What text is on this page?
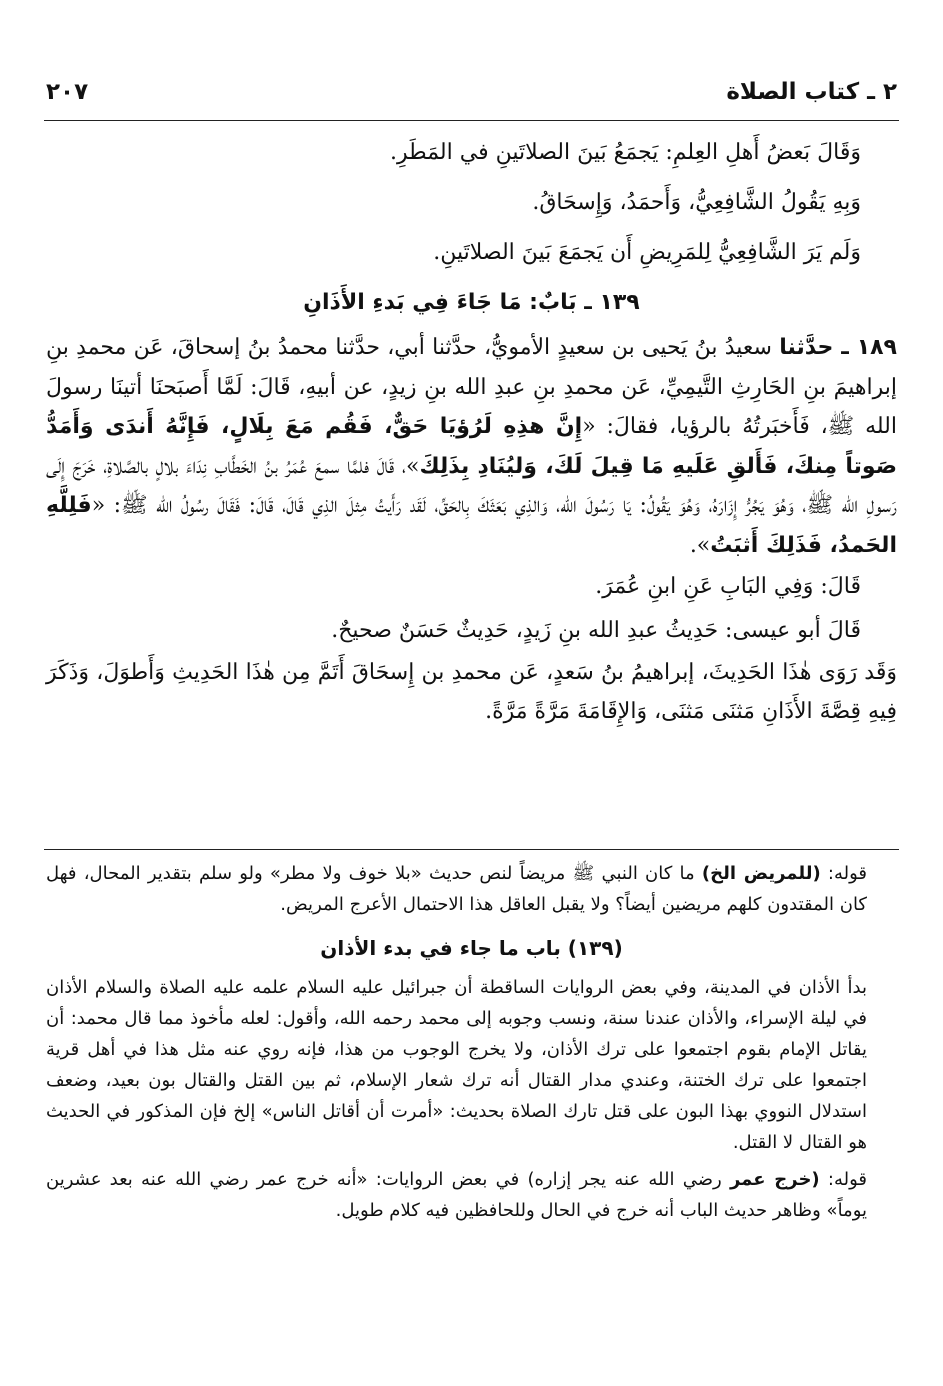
٢ ـ كتاب الصلاة
٢٠٧

وَقَالَ بَعضُ أَهلِ العِلمِ: يَجمَعُ بَينَ الصلاتَينِ في المَطَرِ.

وَبِهِ يَقُولُ الشَّافِعِيُّ، وَأَحمَدُ، وَإِسحَاقُ.

وَلَم يَرَ الشَّافِعِيُّ لِلمَرِيضِ أَن يَجمَعَ بَينَ الصلاتَينِ.

١٣٩ ـ بَابٌ: مَا جَاءَ فِي بَدءِ الأَذَانِ

١٨٩ ـ حدَّثنا سعيدُ بنُ يَحيى بن سعيدٍ الأمويُّ، حدَّثنا أبي، حدَّثنا محمدُ بنُ إسحاقَ، عَن محمدِ بنِ إبراهيمَ بنِ الحَارِثِ التَّيمِيِّ، عَن محمدِ بنِ عبدِ الله بنِ زيدٍ، عن أبيهِ، قَالَ: لَمَّا أَصبَحنَا أتينَا رسولَ الله ﷺ، فَأَخبَرتُهُ بالرؤيا، فقالَ: «إِنَّ هذِهِ لَرُؤيَا حَقٌّ، فَقُم مَعَ بِلَالٍ، فَإِنَّهُ أَندَى وَأَمَدُّ صَوتاً مِنكَ، فَأَلقِ عَلَيهِ مَا قِيلَ لَكَ، وَليُنَادِ بِذَلِكَ»، قَالَ فلمَّا سمعَ عُمَرُ بنُ الخَطَّابِ نِدَاءَ بلالٍ بالصَّلاةِ، خَرَجَ إِلَى رَسولِ الله ﷺ، وَهُوَ يَجُرُّ إِزَارَهُ، وَهُوَ يَقُولُ: يَا رَسُولَ الله، وَالذِي بَعَثَكَ بِالحَقِّ، لَقَد رَأَيتُ مِثلَ الذِي قَالَ، قَالَ: فَقَالَ رسُولُ الله ﷺ: «فَلِلَّهِ الحَمدُ، فَذَلِكَ أَثبَتُ».

قَالَ: وَفِي البَابِ عَنِ ابنِ عُمَرَ.

قَالَ أبو عيسى: حَدِيثُ عبدِ الله بنِ زَيدٍ، حَدِيثٌ حَسَنٌ صحيحٌ.

وَقَد رَوَى هٰذَا الحَدِيثَ، إبراهيمُ بنُ سَعدٍ، عَن محمدِ بن إِسحَاقَ أَتَمَّ مِن هٰذَا الحَدِيثِ وَأَطوَلَ، وَذَكَرَ فِيهِ قِصَّةَ الأَذَانِ مَثنَى مَثنَى، وَالإِقَامَةَ مَرَّةً مَرَّةً.

قوله: (للمريض الخ) ما كان النبي ﷺ مريضاً لنص حديث «بلا خوف ولا مطر» ولو سلم بتقدير المحال، فهل كان المقتدون كلهم مريضين أيضاً؟ ولا يقبل العاقل هذا الاحتمال الأعرج المريض.

(١٣٩) باب ما جاء في بدء الأذان

بدأ الأذان في المدينة، وفي بعض الروايات الساقطة أن جبرائيل عليه السلام علمه عليه الصلاة والسلام الأذان في ليلة الإسراء، والأذان عندنا سنة، ونسب وجوبه إلى محمد رحمه الله، وأقول: لعله مأخوذ مما قال محمد: أن يقاتل الإمام بقوم اجتمعوا على ترك الأذان، ولا يخرج الوجوب من هذا، فإنه روي عنه مثل هذا في أهل قرية اجتمعوا على ترك الختنة، وعندي مدار القتال أنه ترك شعار الإسلام، ثم بين القتل والقتال بون بعيد، وضعف استدلال النووي بهذا البون على قتل تارك الصلاة بحديث: «أمرت أن أقاتل الناس» إلخ فإن المذكور في الحديث هو القتال لا القتل.

قوله: (خرج عمر رضي الله عنه يجر إزاره) في بعض الروايات: «أنه خرج عمر رضي الله عنه بعد عشرين يوماً» وظاهر حديث الباب أنه خرج في الحال وللحافظين فيه كلام طويل.
